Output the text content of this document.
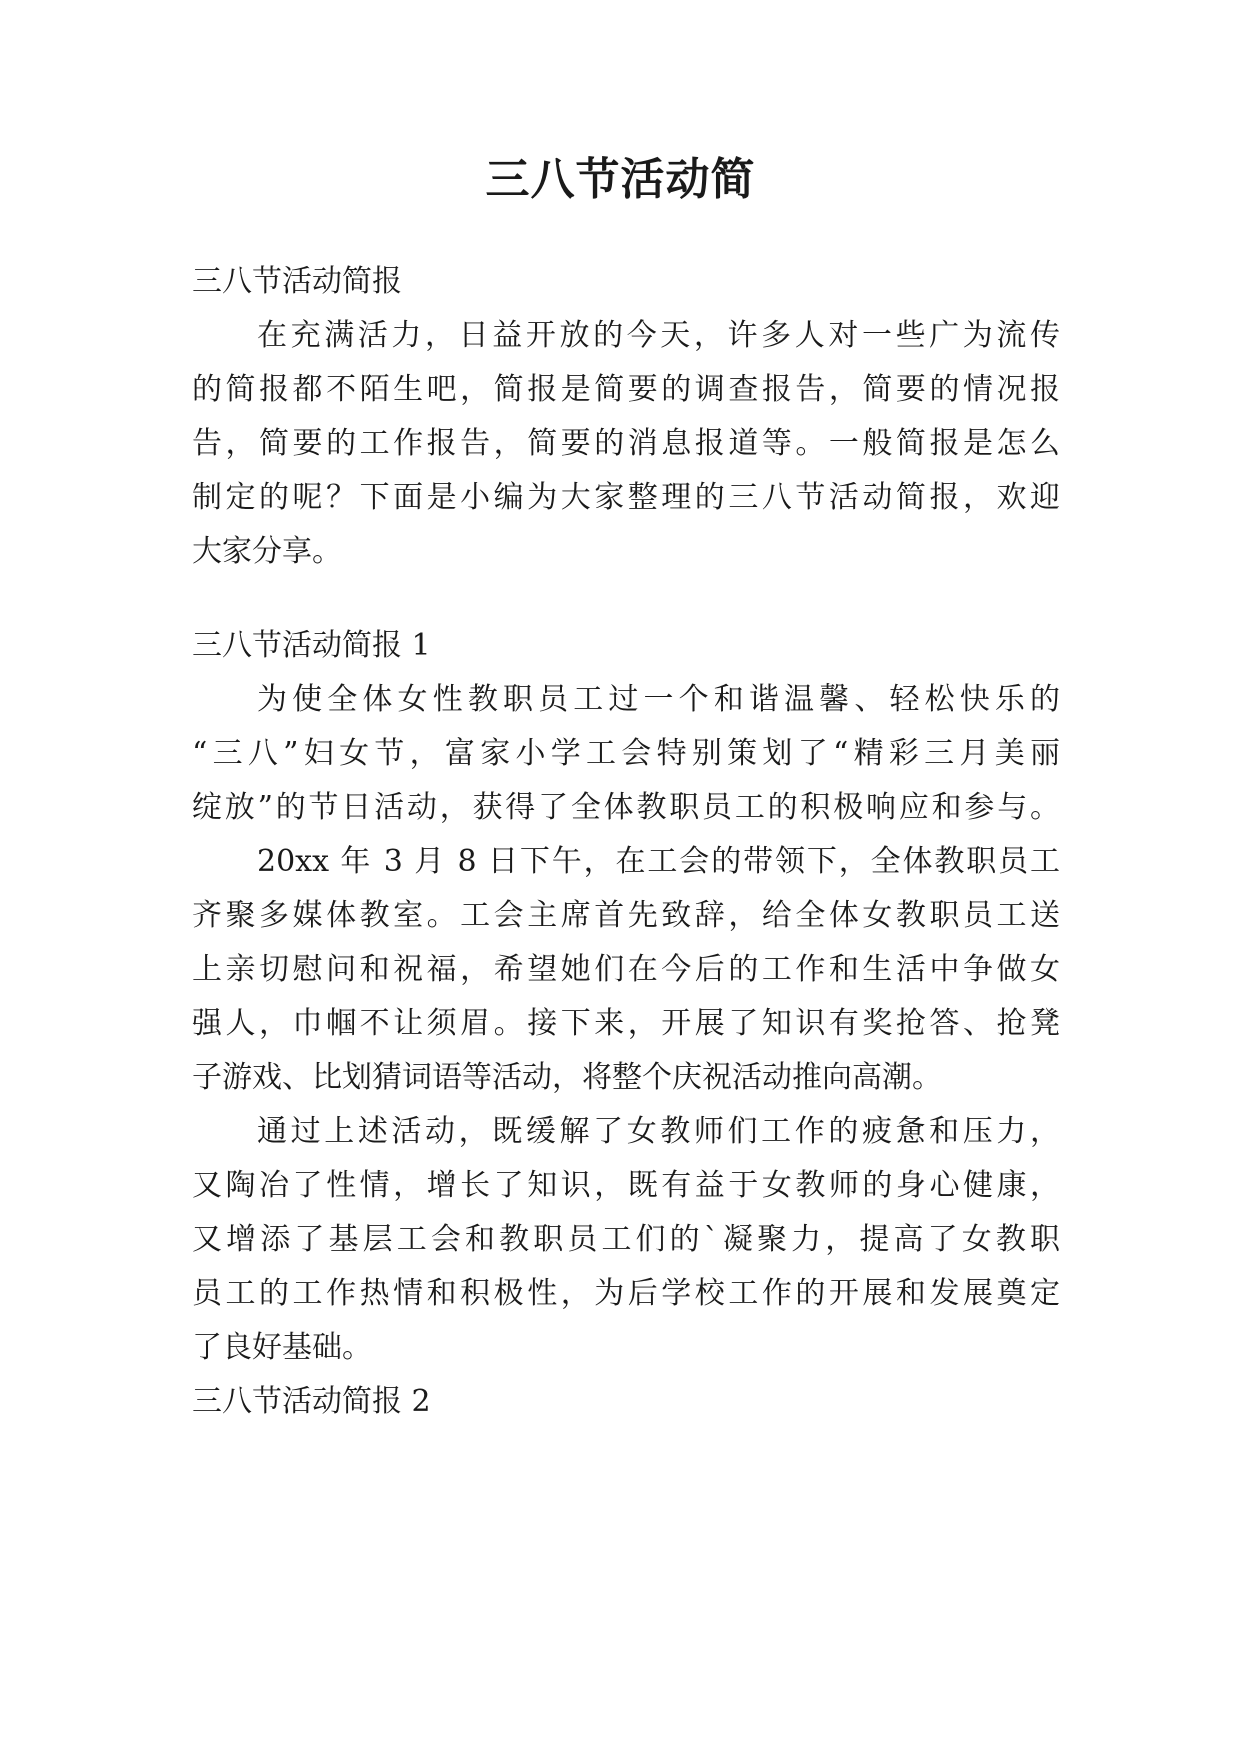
三八节活动简
三八节活动简报
在充满活力，日益开放的今天，许多人对一些广为流传
的简报都不陌生吧，简报是简要的调查报告，简要的情况报
告，简要的工作报告，简要的消息报道等。一般简报是怎么
制定的呢？下面是小编为大家整理的三八节活动简报，欢迎
大家分享。
三八节活动简报 1
为使全体女性教职员工过一个和谐温馨、轻松快乐的
“三八”妇女节，富家小学工会特别策划了“精彩三月美丽
绽放”的节日活动，获得了全体教职员工的积极响应和参与。
20xx 年 3 月 8 日下午，在工会的带领下，全体教职员工
齐聚多媒体教室。工会主席首先致辞，给全体女教职员工送
上亲切慰问和祝福，希望她们在今后的工作和生活中争做女
强人，巾帼不让须眉。接下来，开展了知识有奖抢答、抢凳
子游戏、比划猜词语等活动，将整个庆祝活动推向高潮。
通过上述活动，既缓解了女教师们工作的疲惫和压力，
又陶冶了性情，增长了知识，既有益于女教师的身心健康，
又增添了基层工会和教职员工们的`凝聚力，提高了女教职
员工的工作热情和积极性，为后学校工作的开展和发展奠定
了良好基础。
三八节活动简报 2
